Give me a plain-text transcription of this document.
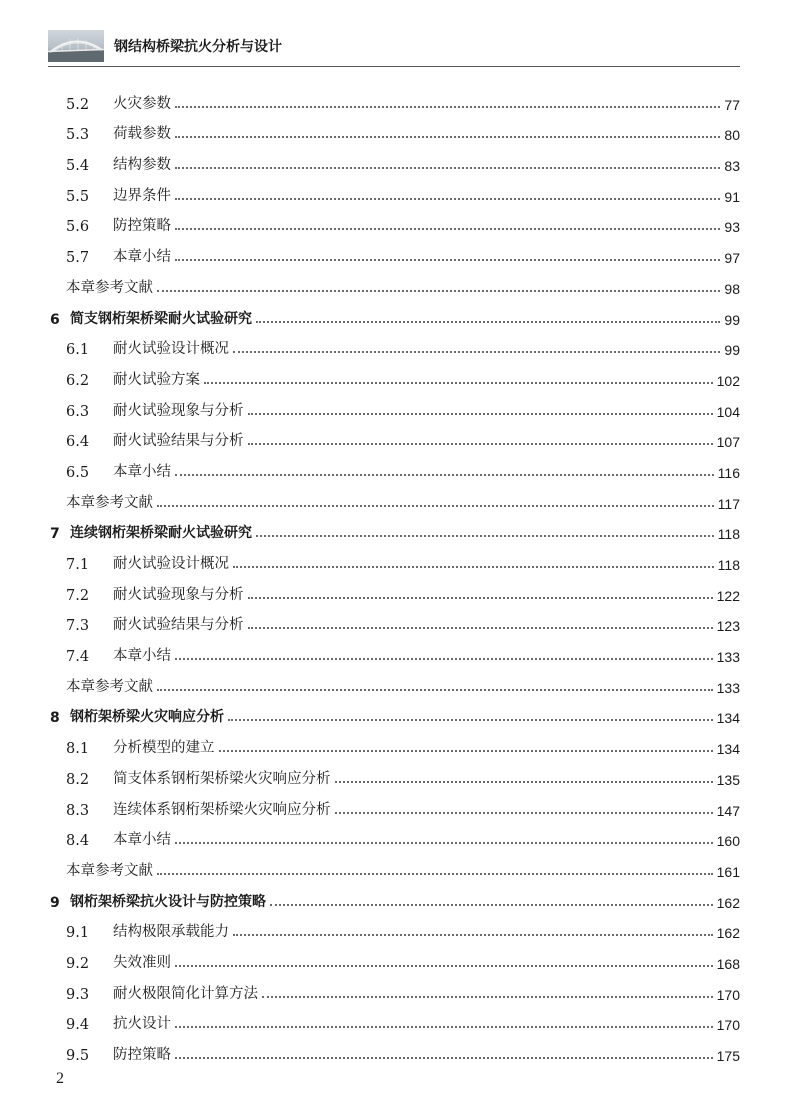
钢结构桥梁抗火分析与设计
5.2	火灾参数	77
5.3	荷载参数	80
5.4	结构参数	83
5.5	边界条件	91
5.6	防控策略	93
5.7	本章小结	97
本章参考文献	98
6 简支钢桁架桥梁耐火试验研究	99
6.1	耐火试验设计概况	99
6.2	耐火试验方案	102
6.3	耐火试验现象与分析	104
6.4	耐火试验结果与分析	107
6.5	本章小结	116
本章参考文献	117
7 连续钢桁架桥梁耐火试验研究	118
7.1	耐火试验设计概况	118
7.2	耐火试验现象与分析	122
7.3	耐火试验结果与分析	123
7.4	本章小结	133
本章参考文献	133
8 钢桁架桥梁火灾响应分析	134
8.1	分析模型的建立	134
8.2	简支体系钢桁架桥梁火灾响应分析	135
8.3	连续体系钢桁架桥梁火灾响应分析	147
8.4	本章小结	160
本章参考文献	161
9 钢桁架桥梁抗火设计与防控策略	162
9.1	结构极限承载能力	162
9.2	失效准则	168
9.3	耐火极限简化计算方法	170
9.4	抗火设计	170
9.5	防控策略	175
2
